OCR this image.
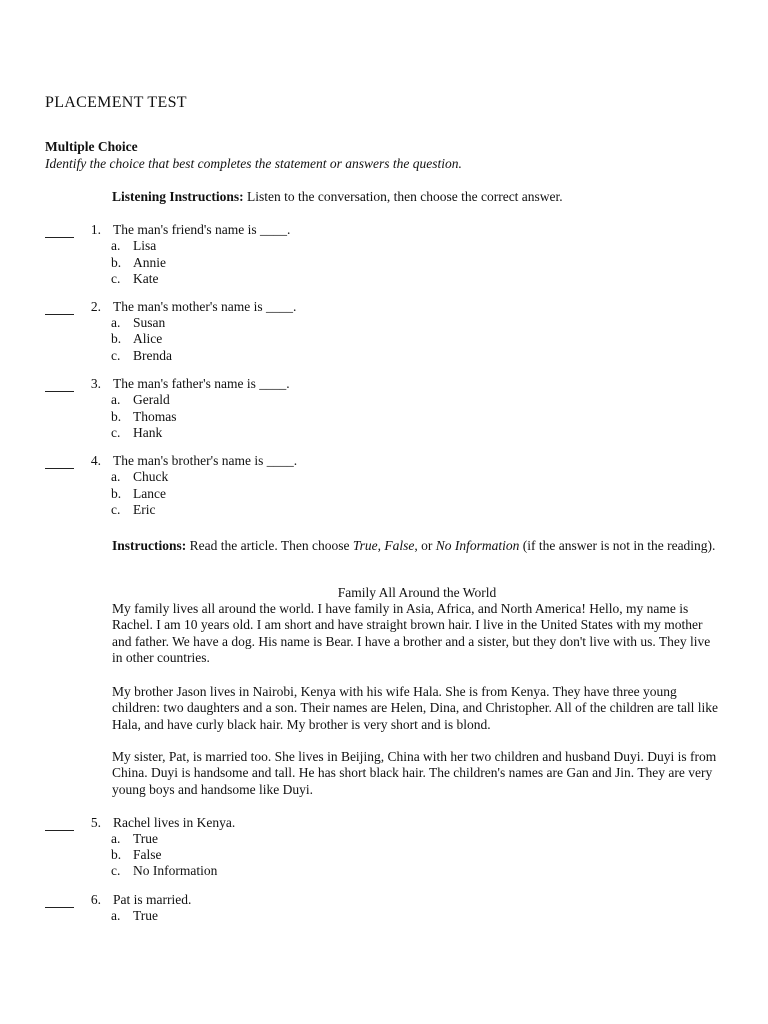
PLACEMENT TEST
Multiple Choice
Identify the choice that best completes the statement or answers the question.
Listening Instructions: Listen to the conversation, then choose the correct answer.
1. The man's friend's name is ____.
a. Lisa
b. Annie
c. Kate
2. The man's mother's name is ____.
a. Susan
b. Alice
c. Brenda
3. The man's father's name is ____.
a. Gerald
b. Thomas
c. Hank
4. The man's brother's name is ____.
a. Chuck
b. Lance
c. Eric
Instructions: Read the article. Then choose True, False, or No Information (if the answer is not in the reading).
Family All Around the World
My family lives all around the world. I have family in Asia, Africa, and North America! Hello, my name is Rachel. I am 10 years old. I am short and have straight brown hair. I live in the United States with my mother and father. We have a dog. His name is Bear. I have a brother and a sister, but they don't live with us. They live in other countries.
My brother Jason lives in Nairobi, Kenya with his wife Hala. She is from Kenya. They have three young children: two daughters and a son. Their names are Helen, Dina, and Christopher. All of the children are tall like Hala, and have curly black hair. My brother is very short and is blond.
My sister, Pat, is married too. She lives in Beijing, China with her two children and husband Duyi. Duyi is from China. Duyi is handsome and tall. He has short black hair. The children's names are Gan and Jin. They are very young boys and handsome like Duyi.
5. Rachel lives in Kenya.
a. True
b. False
c. No Information
6. Pat is married.
a. True
